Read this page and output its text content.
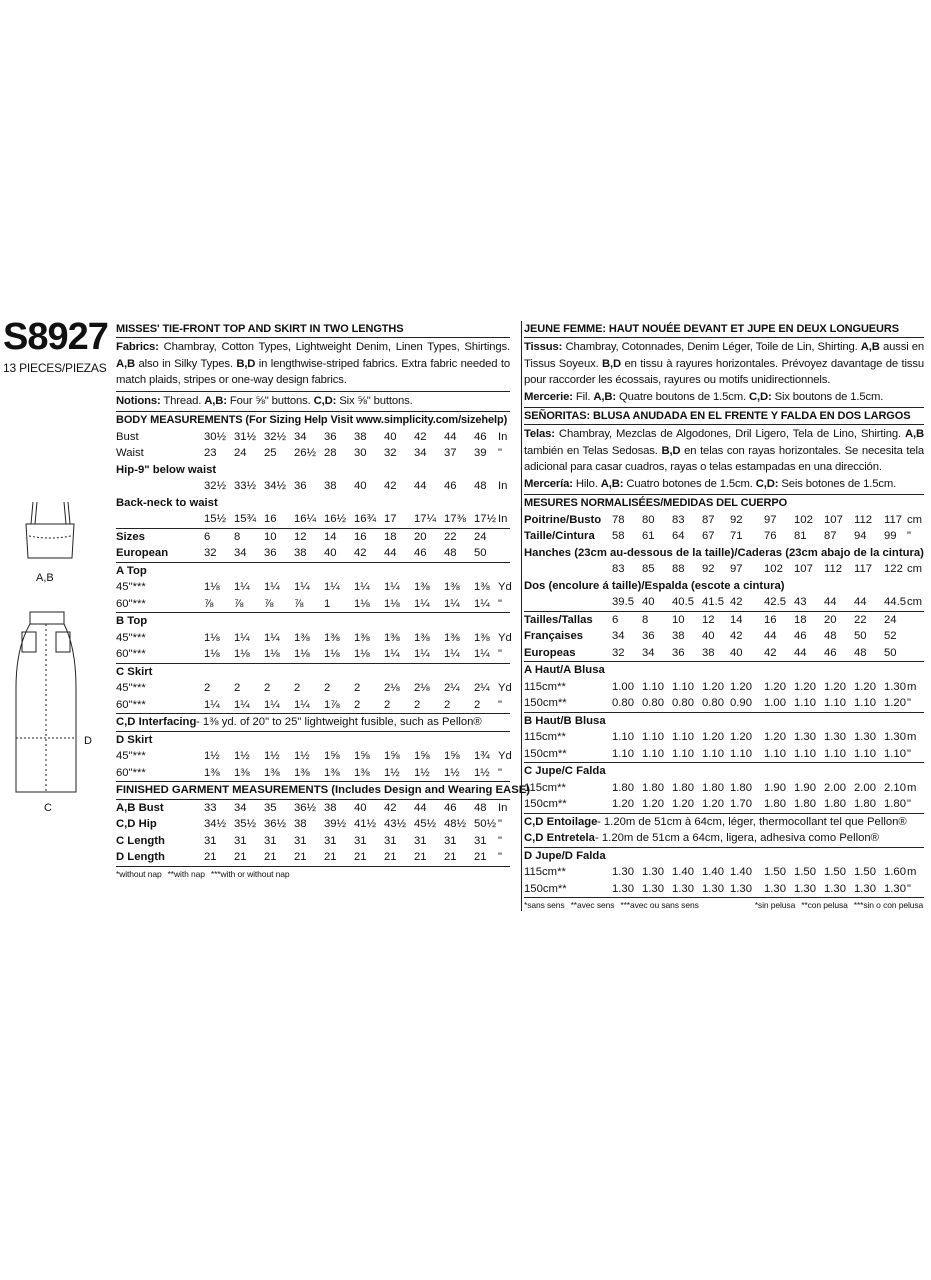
S8927
13 PIECES/PIEZAS
A,B
D
C
MISSES' TIE-FRONT TOP AND SKIRT IN TWO LENGTHS
Fabrics: Chambray, Cotton Types, Lightweight Denim, Linen Types, Shirtings. A,B also in Silky Types. B,D in lengthwise-striped fabrics. Extra fabric needed to match plaids, stripes or one-way design fabrics.
Notions: Thread. A,B: Four ⅝" buttons. C,D: Six ⅝" buttons.
BODY MEASUREMENTS (For Sizing Help Visit www.simplicity.com/sizehelp)
Bust	30½ 31½ 32½ 34 36 38 40 42 44 46 In
Waist	23 24 25 26½ 28 30 32 34 37 39 "
Hip-9" below waist
32½ 33½ 34½ 36 38 40 42 44 46 48 In
Back-neck to waist
15½ 15¾ 16 16¼ 16½ 16¾ 17 17¼ 17⅜ 17½ In
Sizes	6 8 10 12 14 16 18 20 22 24
European	32 34 36 38 40 42 44 46 48 50
A Top
45"***	1⅛ 1¼ 1¼ 1¼ 1¼ 1¼ 1¼ 1⅜ 1⅜ 1⅜ Yd
60"***	⅞ ⅞ ⅞ ⅞ 1 1⅛ 1⅛ 1¼ 1¼ 1¼ "
B Top
45"***	1⅛ 1¼ 1¼ 1⅜ 1⅜ 1⅜ 1⅜ 1⅜ 1⅜ 1⅜ Yd
60"***	1⅛ 1⅛ 1⅛ 1⅛ 1⅛ 1⅛ 1¼ 1¼ 1¼ 1¼ "
C Skirt
45"***	2 2 2 2 2 2 2⅛ 2⅛ 2¼ 2¼ Yd
60"***	1¼ 1¼ 1¼ 1¼ 1⅞ 2 2 2 2 2 "
C,D Interfacing - 1⅜ yd. of 20" to 25" lightweight fusible, such as Pellon®
D Skirt
45"***	1½ 1½ 1½ 1½ 1⅝ 1⅝ 1⅝ 1⅝ 1⅝ 1¾ Yd
60"***	1⅜ 1⅜ 1⅜ 1⅜ 1⅜ 1⅜ 1½ 1½ 1½ 1½ "
FINISHED GARMENT MEASUREMENTS (Includes Design and Wearing EASE)
A,B Bust	33 34 35 36½ 38 40 42 44 46 48 In
C,D Hip	34½ 35½ 36½ 38 39½ 41½ 43½ 45½ 48½ 50½ "
C Length	31 31 31 31 31 31 31 31 31 31 "
D Length	21 21 21 21 21 21 21 21 21 21 "
*without nap **with nap ***with or without nap
JEUNE FEMME: HAUT NOUÉE DEVANT ET JUPE EN DEUX LONGUEURS
Tissus: Chambray, Cotonnades, Denim Léger, Toile de Lin, Shirting. A,B aussi en Tissus Soyeux. B,D en tissu à rayures horizontales. Prévoyez davantage de tissu pour raccorder les écossais, rayures ou motifs unidirectionnels.
Mercerie: Fil. A,B: Quatre boutons de 1.5cm. C,D: Six boutons de 1.5cm.
SEÑORITAS: BLUSA ANUDADA EN EL FRENTE Y FALDA EN DOS LARGOS
Telas: Chambray, Mezclas de Algodones, Dril Ligero, Tela de Lino, Shirting. A,B también en Telas Sedosas. B,D en telas con rayas horizontales. Se necesita tela adicional para casar cuadros, rayas o telas estampadas en una dirección.
Mercería: Hilo. A,B: Cuatro botones de 1.5cm. C,D: Seis botones de 1.5cm.
MESURES NORMALISÉES/MEDIDAS DEL CUERPO
Poitrine/Busto 78 80 83 87 92 97 102 107 112 117 cm
Taille/Cintura 58 61 64 67 71 76 81 87 94 99 "
Hanches (23cm au-dessous de la taille)/Caderas (23cm abajo de la cintura)
83 85 88 92 97 102 107 112 117 122 cm
Dos (encolure á taille)/Espalda (escote a cintura)
39.5 40 40.5 41.5 42 42.5 43 44 44 44.5 cm
Tailles/Tallas 6 8 10 12 14 16 18 20 22 24
Françaises	34 36 38 40 42 44 46 48 50 52
Europeas	32 34 36 38 40 42 44 46 48 50
A Haut/A Blusa
115cm**	1.00 1.10 1.10 1.20 1.20 1.20 1.20 1.20 1.20 1.30 m
150cm**	0.80 0.80 0.80 0.80 0.90 1.00 1.10 1.10 1.10 1.20 "
B Haut/B Blusa
115cm**	1.10 1.10 1.10 1.20 1.20 1.20 1.30 1.30 1.30 1.30 m
150cm**	1.10 1.10 1.10 1.10 1.10 1.10 1.10 1.10 1.10 1.10 "
C Jupe/C Falda
115cm**	1.80 1.80 1.80 1.80 1.80 1.90 1.90 2.00 2.00 2.10 m
150cm**	1.20 1.20 1.20 1.20 1.70 1.80 1.80 1.80 1.80 1.80 "
C,D Entoilage - 1.20m de 51cm à 64cm, léger, thermocollant tel que Pellon®
C,D Entretela - 1.20m de 51cm a 64cm, ligera, adhesiva como Pellon®
D Jupe/D Falda
115cm**	1.30 1.30 1.40 1.40 1.40 1.50 1.50 1.50 1.50 1.60 m
150cm**	1.30 1.30 1.30 1.30 1.30 1.30 1.30 1.30 1.30 1.30 "
*sans sens **avec sens ***avec ou sans sens	*sin pelusa **con pelusa ***sin o con pelusa
